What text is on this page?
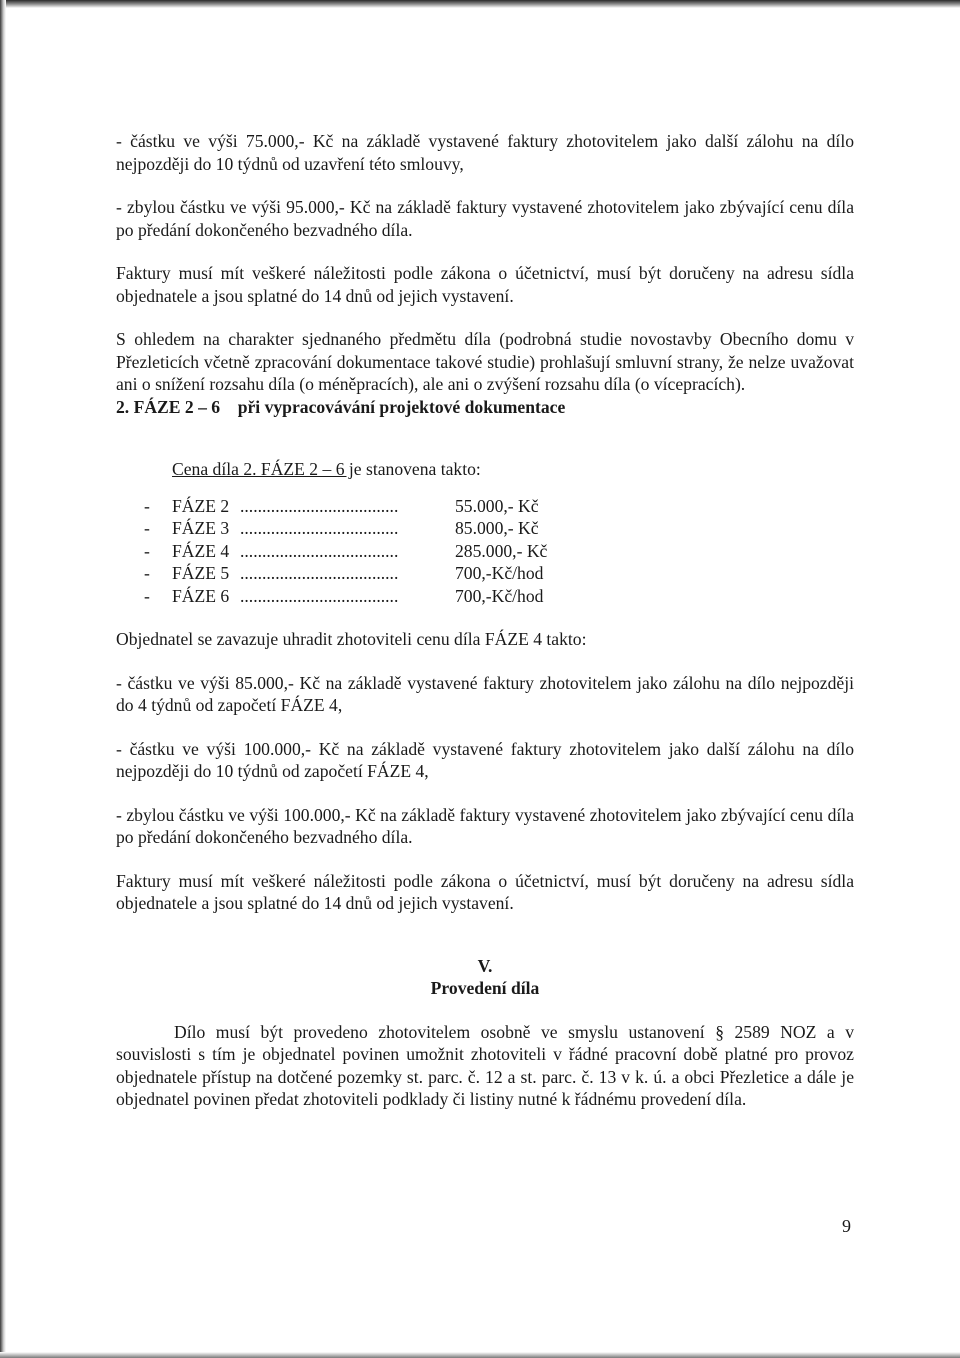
- částku ve výši 75.000,- Kč na základě vystavené faktury zhotovitelem jako další zálohu na dílo nejpozději do 10 týdnů od uzavření této smlouvy,

- zbylou částku ve výši 95.000,- Kč na základě faktury vystavené zhotovitelem jako zbývající cenu díla po předání dokončeného bezvadného díla.

Faktury musí mít veškeré náležitosti podle zákona o účetnictví, musí být doručeny na adresu sídla objednatele a jsou splatné do 14 dnů od jejich vystavení.

S ohledem na charakter sjednaného předmětu díla (podrobná studie novostavby Obecního domu v Přezleticích včetně zpracování dokumentace takové studie) prohlašují smluvní strany, že nelze uvažovat ani o snížení rozsahu díla (o méněpracích), ale ani o zvýšení rozsahu díla (o vícepracích).

2. FÁZE 2 – 6 při vypracovávání projektové dokumentace

Cena díla 2. FÁZE 2 – 6 je stanovena takto:

-	FÁZE 2 ....................................	55.000,- Kč
-	FÁZE 3 ....................................	85.000,- Kč
-	FÁZE 4 ....................................	285.000,- Kč
-	FÁZE 5 ....................................	700,-Kč/hod
-	FÁZE 6 ....................................	700,-Kč/hod

Objednatel se zavazuje uhradit zhotoviteli cenu díla FÁZE 4 takto:

- částku ve výši 85.000,- Kč na základě vystavené faktury zhotovitelem jako zálohu na dílo nejpozději do 4 týdnů od započetí FÁZE 4,

- částku ve výši 100.000,- Kč na základě vystavené faktury zhotovitelem jako další zálohu na dílo nejpozději do 10 týdnů od započetí FÁZE 4,

- zbylou částku ve výši 100.000,- Kč na základě faktury vystavené zhotovitelem jako zbývající cenu díla po předání dokončeného bezvadného díla.

Faktury musí mít veškeré náležitosti podle zákona o účetnictví, musí být doručeny na adresu sídla objednatele a jsou splatné do 14 dnů od jejich vystavení.

V.

Provedení díla

Dílo musí být provedeno zhotovitelem osobně ve smyslu ustanovení § 2589 NOZ a v souvislosti s tím je objednatel povinen umožnit zhotoviteli v řádné pracovní době platné pro provoz objednatele přístup na dotčené pozemky st. parc. č. 12 a st. parc. č. 13 v k. ú. a obci Přezletice a dále je objednatel povinen předat zhotoviteli podklady či listiny nutné k řádnému provedení díla.

9
